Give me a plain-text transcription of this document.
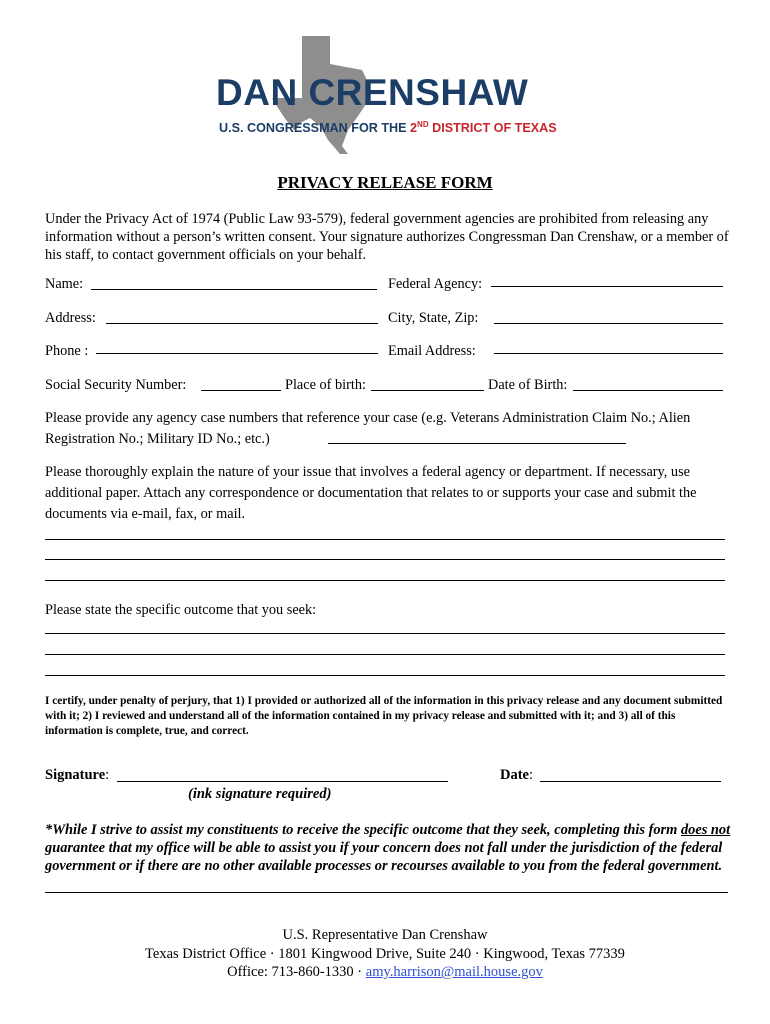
DAN CRENSHAW
U.S. CONGRESSMAN FOR THE 2ND DISTRICT OF TEXAS
PRIVACY RELEASE FORM
Under the Privacy Act of 1974 (Public Law 93-579), federal government agencies are prohibited from releasing any information without a person’s written consent. Your signature authorizes Congressman Dan Crenshaw, or a member of his staff, to contact government officials on your behalf.
Name:	Federal Agency:
Address:	City, State, Zip:
Phone :	Email Address:
Social Security Number:	Place of birth:	Date of Birth:
Please provide any agency case numbers that reference your case (e.g. Veterans Administration Claim No.; Alien Registration No.; Military ID No.; etc.)
Please thoroughly explain the nature of your issue that involves a federal agency or department. If necessary, use additional paper. Attach any correspondence or documentation that relates to or supports your case and submit the documents via e-mail, fax, or mail.
Please state the specific outcome that you seek:
I certify, under penalty of perjury, that 1) I provided or authorized all of the information in this privacy release and any document submitted with it; 2) I reviewed and understand all of the information contained in my privacy release and submitted with it; and 3) all of this information is complete, true, and correct.
Signature:	Date:
(ink signature required)
*While I strive to assist my constituents to receive the specific outcome that they seek, completing this form does not guarantee that my office will be able to assist you if your concern does not fall under the jurisdiction of the federal government or if there are no other available processes or recourses available to you from the federal government.
U.S. Representative Dan Crenshaw
Texas District Office · 1801 Kingwood Drive, Suite 240 · Kingwood, Texas 77339
Office: 713-860-1330 · amy.harrison@mail.house.gov
